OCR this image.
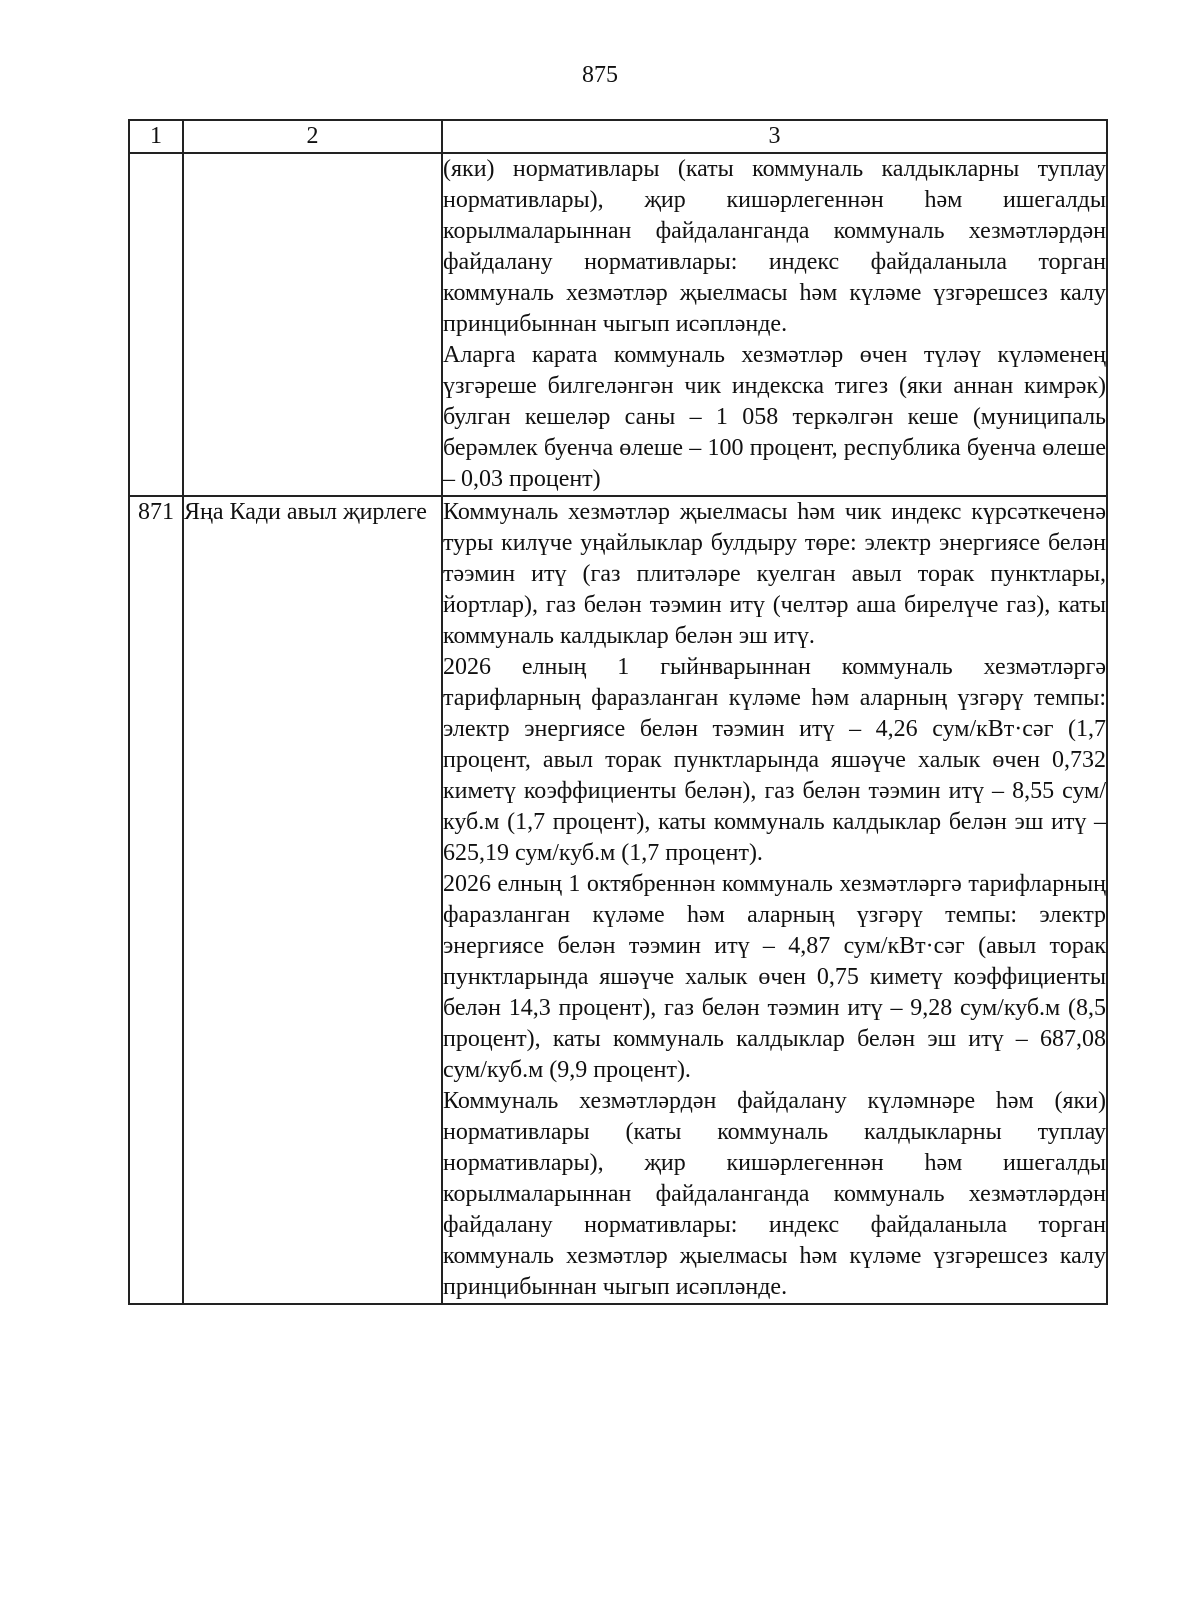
875
1	2	3

		(яки) нормативлары (каты коммуналь калдыкларны туплау нормативлары), җир кишәрлегеннән һәм ишегалды корылмаларыннан файдаланганда коммуналь хезмәтләрдән файдалану нормативлары: индекс файдаланыла торган коммуналь хезмәтләр җыелмасы һәм күләме үзгәрешсез калу принцибыннан чыгып исәпләнде.

Аларга карата коммуналь хезмәтләр өчен түләү күләменең үзгәреше билгеләнгән чик индекска тигез (яки аннан кимрәк) булган кешеләр саны – 1 058 теркәлгән кеше (муниципаль берәмлек буенча өлеше – 100 процент, республика буенча өлеше – 0,03 процент)

871	Яңа Кади авыл җирлеге	Коммуналь хезмәтләр җыелмасы һәм чик индекс күрсәткеченә туры килүче уңайлыклар булдыру төре: электр энергиясе белән тәэмин итү (газ плитәләре куелган авыл торак пунктлары, йортлар), газ белән тәэмин итү (челтәр аша бирелүче газ), каты коммуналь калдыклар белән эш итү.

2026 елның 1 гыйнварыннан коммуналь хезмәтләргә тарифларның фаразланган күләме һәм аларның үзгәрү темпы: электр энергиясе белән тәэмин итү – 4,26 сум/кВт·сәг (1,7 процент, авыл торак пунктларында яшәүче халык өчен 0,732 киметү коэффициенты белән), газ белән тәэмин итү – 8,55 сум/куб.м (1,7 процент), каты коммуналь калдыклар белән эш итү – 625,19 сум/куб.м (1,7 процент).

2026 елның 1 октябреннән коммуналь хезмәтләргә тарифларның фаразланган күләме һәм аларның үзгәрү темпы: электр энергиясе белән тәэмин итү – 4,87 сум/кВт·сәг (авыл торак пунктларында яшәүче халык өчен 0,75 киметү коэффициенты белән 14,3 процент), газ белән тәэмин итү – 9,28 сум/куб.м (8,5 процент), каты коммуналь калдыклар белән эш итү – 687,08 сум/куб.м (9,9 процент).

Коммуналь хезмәтләрдән файдалану күләмнәре һәм (яки) нормативлары (каты коммуналь калдыкларны туплау нормативлары), җир кишәрлегеннән һәм ишегалды корылмаларыннан файдаланганда коммуналь хезмәтләрдән файдалану нормативлары: индекс файдаланыла торган коммуналь хезмәтләр җыелмасы һәм күләме үзгәрешсез калу принцибыннан чыгып исәпләнде.
